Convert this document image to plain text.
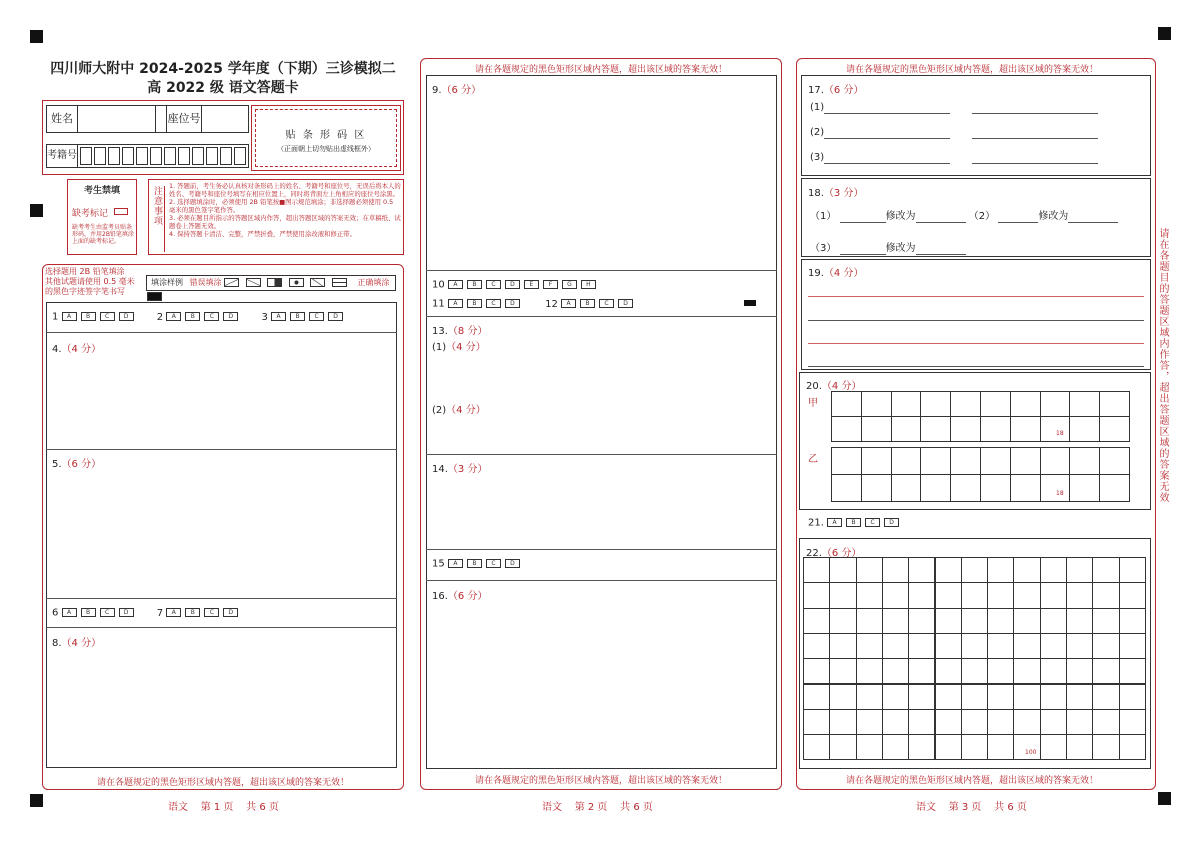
四川师大附中 2024-2025 学年度（下期）三诊模拟二
高 2022 级 语文答题卡
姓名	座位号
考籍号
贴 条 形 码 区
（正面朝上切勿贴出虚线框外）
考生禁填
缺考标记
缺考考生由监考员贴条形码，并用2B铅笔填涂上面的缺考标记。
注意事项	1. 答题前，考生务必认真核对条形码上的姓名、考籍号和座位号，无误后将本人的姓名、考籍号和座位号填写在相应位置上，同时将背面左上角相应的座位号涂黑。
2. 选择题填涂时，必须使用 2B 铅笔按■图示规范填涂；非选择题必须使用 0.5 毫米的黑色签字笔作答。
3. 必须在题目所指示的答题区域内作答，超出答题区域的答案无效；在草稿纸、试题卷上答题无效。
4. 保持答题卡清洁、完整，严禁折叠，严禁使用涂改液和修正带。
选择题用 2B 铅笔填涂
其他试题请使用 0.5 毫米
的黑色字迹签字笔书写
填涂样例 错误填涂	正确填涂
1 A B C D	2 A B C D	3 A B C D
4.（4 分）
5.（6 分）
6 A B C D	7 A B C D
8.（4 分）
请在各题规定的黑色矩形区域内答题，超出该区域的答案无效！
语文    第 1 页    共 6 页
请在各题规定的黑色矩形区域内答题，超出该区域的答案无效！
9.（6 分）
10 A B C D E	F G H
11 A B C D	12 A B C D
13.（8 分）
(1)（4 分）
(2)（4 分）
14.（3 分）
15 A B C D
16.（6 分）
请在各题规定的黑色矩形区域内答题，超出该区域的答案无效！
语文    第 2 页    共 6 页
请在各题规定的黑色矩形区域内答题，超出该区域的答案无效！
请在各题目的答题区域内作答，超出答题区域的答案无效
17.（6 分）
(1)
(2)
(3)
18.（3 分）
（1）	修改为	（2）	修改为
（3）	修改为
19.（4 分）
20.（4 分）
甲
乙
18
18
21. A B C D
22.（6 分）
100
请在各题规定的黑色矩形区域内答题，超出该区域的答案无效！
语文    第 3 页    共 6 页
